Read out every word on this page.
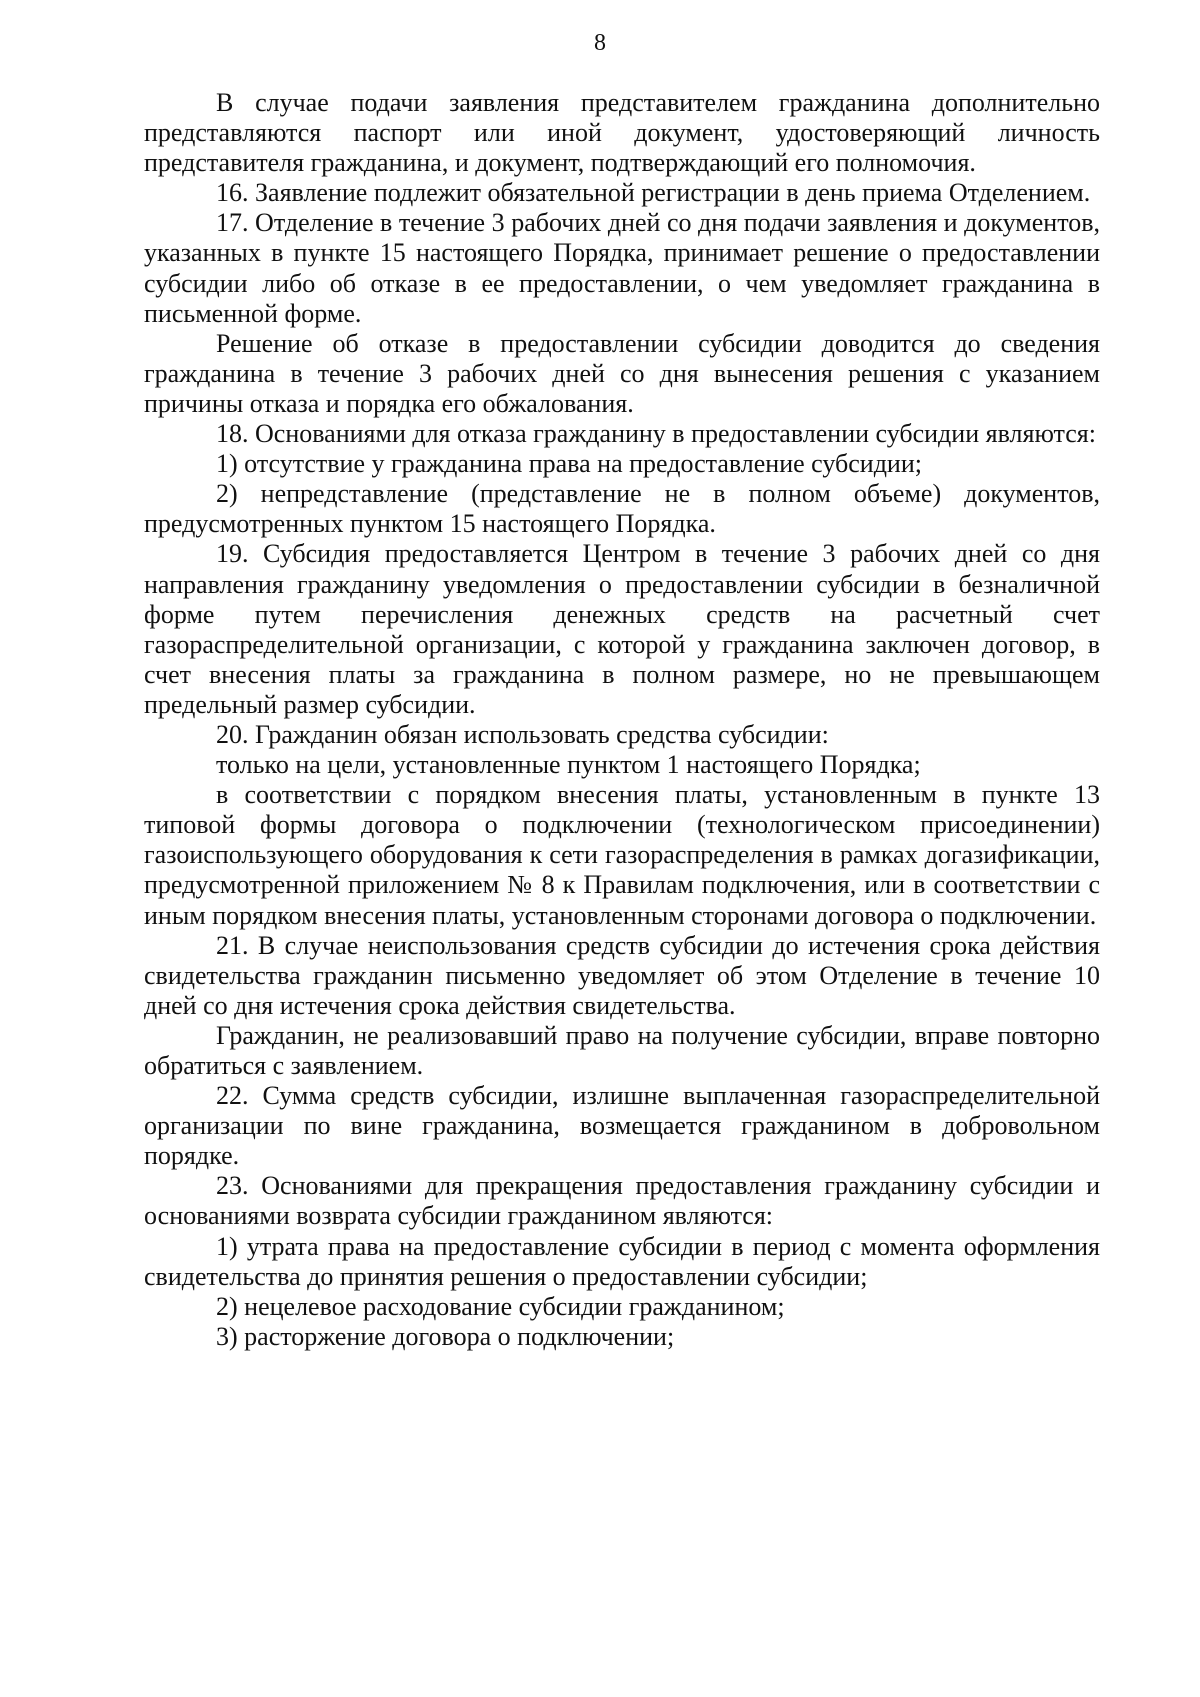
8

В случае подачи заявления представителем гражданина дополнительно представляются паспорт или иной документ, удостоверяющий личность представителя гражданина, и документ, подтверждающий его полномочия.

16. Заявление подлежит обязательной регистрации в день приема Отделением.

17. Отделение в течение 3 рабочих дней со дня подачи заявления и документов, указанных в пункте 15 настоящего Порядка, принимает решение о предоставлении субсидии либо об отказе в ее предоставлении, о чем уведомляет гражданина в письменной форме.

Решение об отказе в предоставлении субсидии доводится до сведения гражданина в течение 3 рабочих дней со дня вынесения решения с указанием причины отказа и порядка его обжалования.

18. Основаниями для отказа гражданину в предоставлении субсидии являются:

1) отсутствие у гражданина права на предоставление субсидии;

2) непредставление (представление не в полном объеме) документов, предусмотренных пунктом 15 настоящего Порядка.

19. Субсидия предоставляется Центром в течение 3 рабочих дней со дня направления гражданину уведомления о предоставлении субсидии в безналичной форме путем перечисления денежных средств на расчетный счет газораспределительной организации, с которой у гражданина заключен договор, в счет внесения платы за гражданина в полном размере, но не превышающем предельный размер субсидии.

20. Гражданин обязан использовать средства субсидии:

только на цели, установленные пунктом 1 настоящего Порядка;

в соответствии с порядком внесения платы, установленным в пункте 13 типовой формы договора о подключении (технологическом присоединении) газоиспользующего оборудования к сети газораспределения в рамках догазификации, предусмотренной приложением № 8 к Правилам подключения, или в соответствии с иным порядком внесения платы, установленным сторонами договора о подключении.

21. В случае неиспользования средств субсидии до истечения срока действия свидетельства гражданин письменно уведомляет об этом Отделение в течение 10 дней со дня истечения срока действия свидетельства.

Гражданин, не реализовавший право на получение субсидии, вправе повторно обратиться с заявлением.

22. Сумма средств субсидии, излишне выплаченная газораспределительной организации по вине гражданина, возмещается гражданином в добровольном порядке.

23. Основаниями для прекращения предоставления гражданину субсидии и основаниями возврата субсидии гражданином являются:

1) утрата права на предоставление субсидии в период с момента оформления свидетельства до принятия решения о предоставлении субсидии;

2) нецелевое расходование субсидии гражданином;

3) расторжение договора о подключении;
